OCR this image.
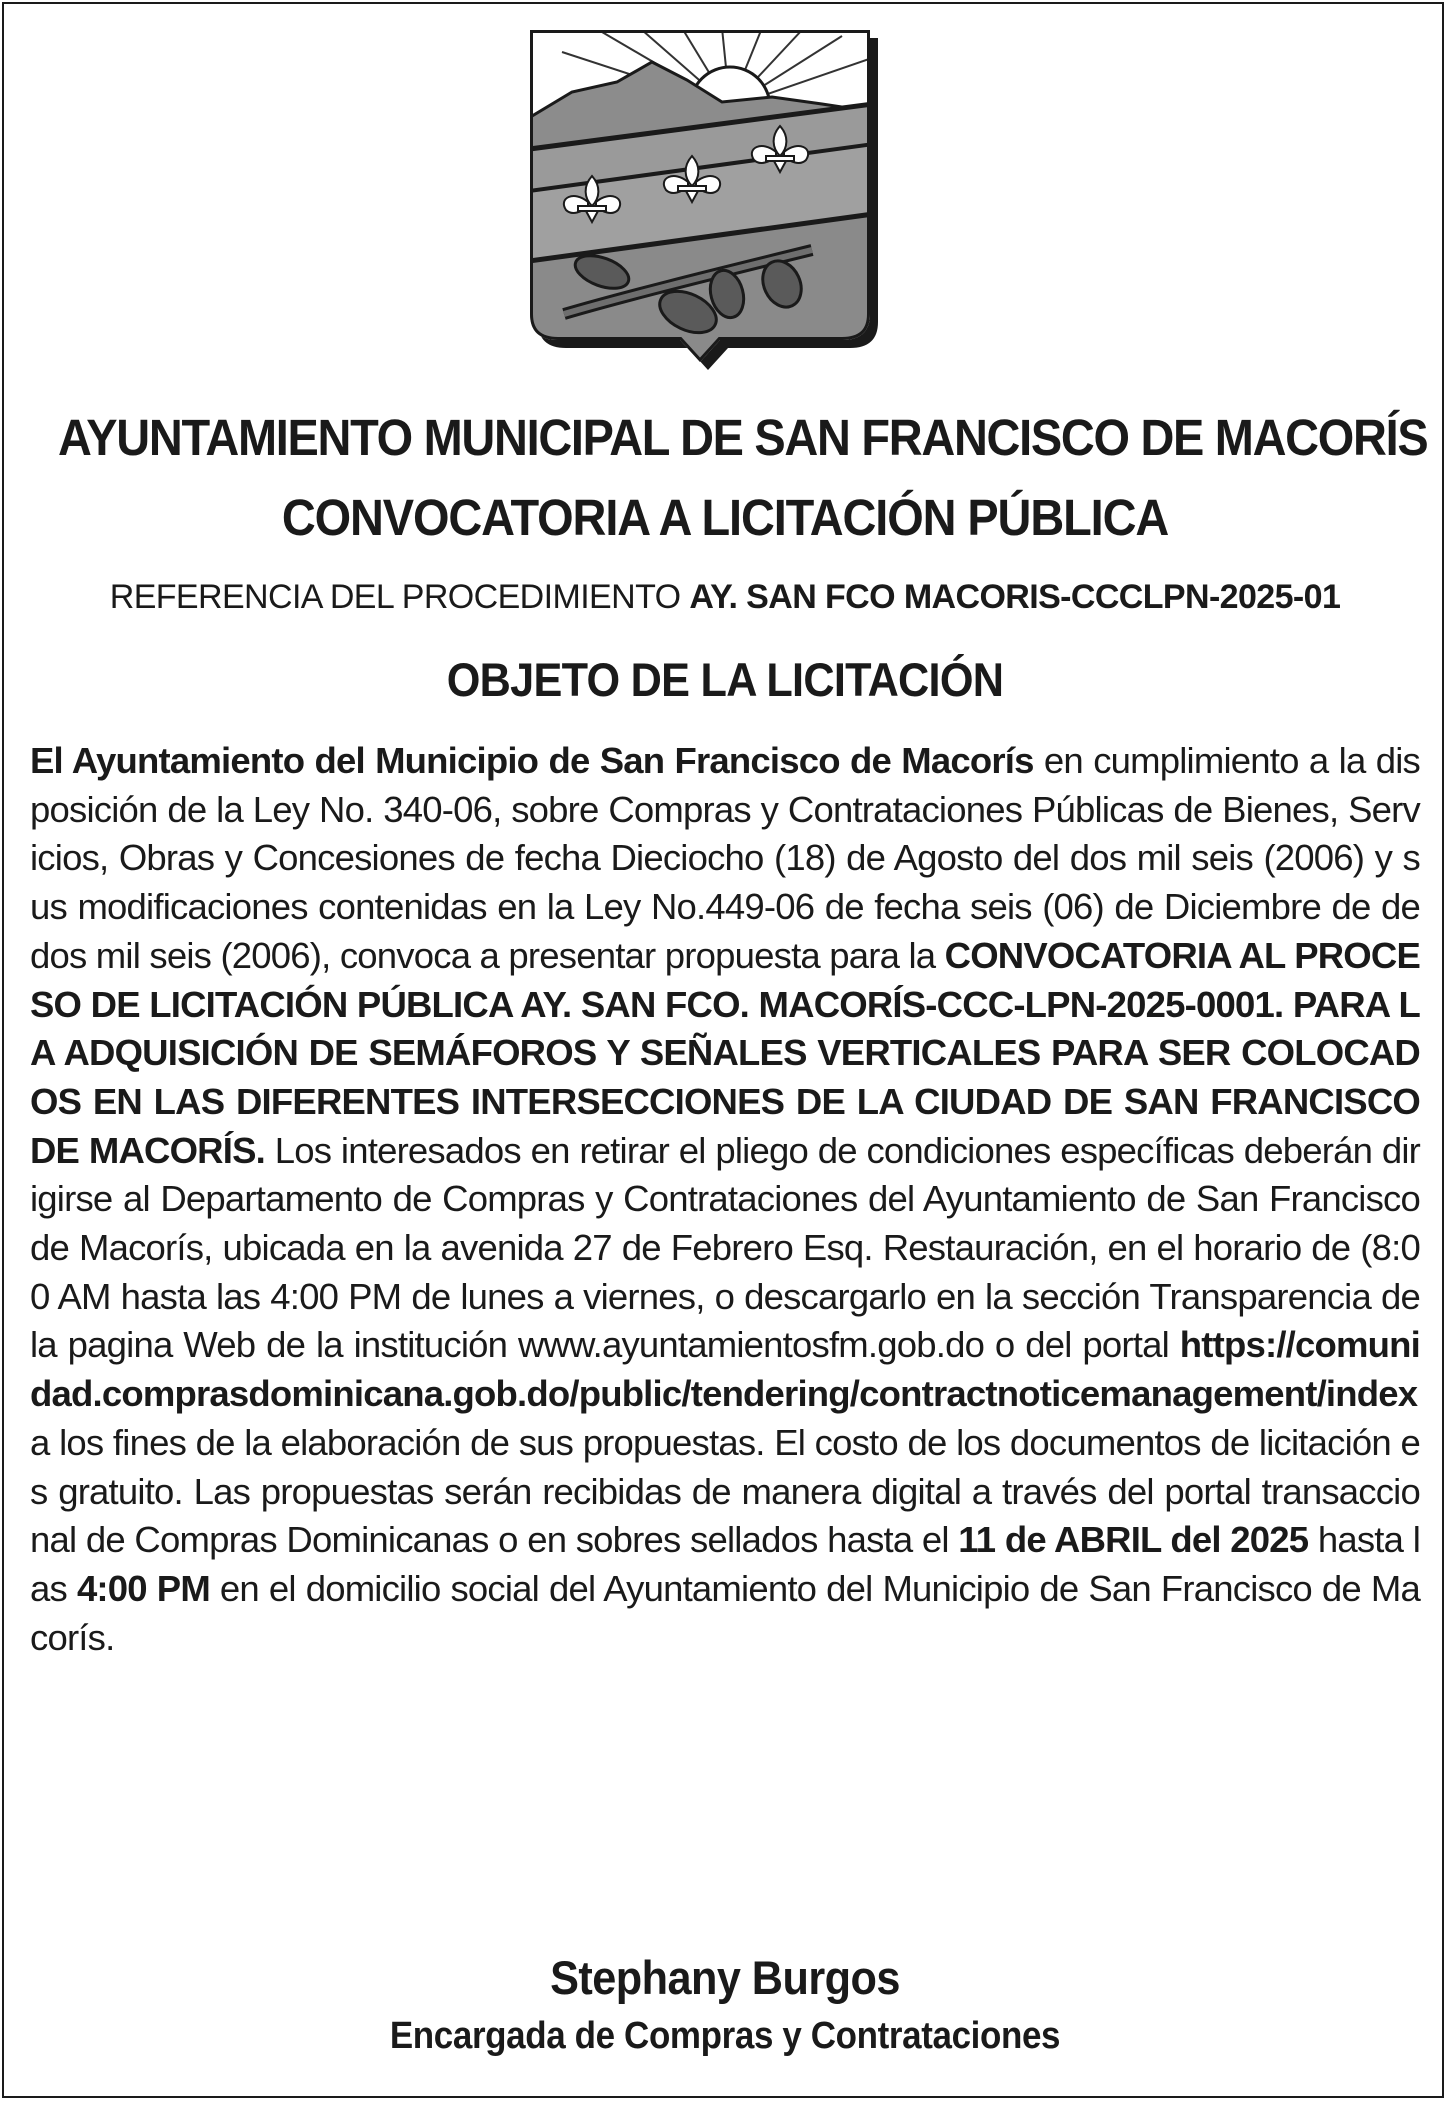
AYUNTAMIENTO MUNICIPAL DE SAN FRANCISCO DE MACORÍS
CONVOCATORIA A LICITACIÓN PÚBLICA
REFERENCIA DEL PROCEDIMIENTO AY. SAN FCO MACORIS-CCCLPN-2025-01
OBJETO DE LA LICITACIÓN
El Ayuntamiento del Municipio de San Francisco de Macorís en cumplimiento a la disposición de la Ley No. 340-06, sobre Compras y Contrataciones Públicas de Bienes, Servicios, Obras y Concesiones de fecha Dieciocho (18) de Agosto del dos mil seis (2006) y sus modificaciones contenidas en la Ley No.449-06 de fecha seis (06) de Diciembre de de dos mil seis (2006), convoca a presentar propuesta para la CONVOCATORIA AL PROCESO DE LICITACIÓN PÚBLICA AY. SAN FCO. MACORÍS-CCC-LPN-2025-0001. PARA LA ADQUISICIÓN DE SEMÁFOROS Y SEÑALES VERTICALES PARA SER COLOCADOS EN LAS DIFERENTES INTERSECCIONES DE LA CIUDAD DE SAN FRANCISCO DE MACORÍS. Los interesados en retirar el pliego de condiciones específicas deberán dirigirse al Departamento de Compras y Contrataciones del Ayuntamiento de San Francisco de Macorís, ubicada en la avenida 27 de Febrero Esq. Restauración, en el horario de (8:00 AM hasta las 4:00 PM de lunes a viernes, o descargarlo en la sección Transparencia de la pagina Web de la institución www.ayuntamientosfm.gob.do o del portal https://comunidad.comprasdominicana.gob.do/public/tendering/contractnoticemanagement/index a los fines de la elaboración de sus propuestas. El costo de los documentos de licitación es gratuito. Las propuestas serán recibidas de manera digital a través del portal transaccional de Compras Dominicanas o en sobres sellados hasta el 11 de ABRIL del 2025 hasta las 4:00 PM en el domicilio social del Ayuntamiento del Municipio de San Francisco de Macorís.
Stephany Burgos
Encargada de Compras y Contrataciones
